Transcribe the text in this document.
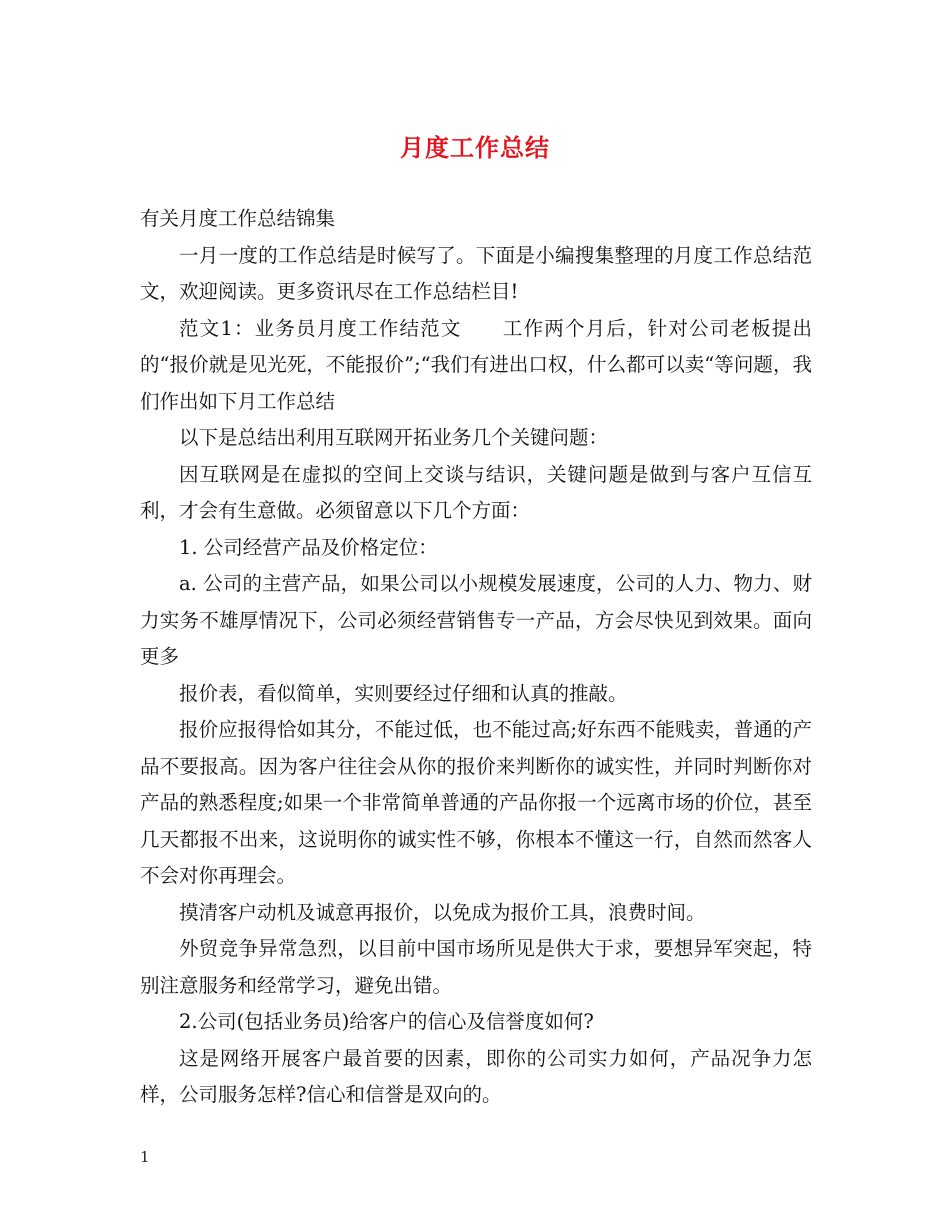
月度工作总结

有关月度工作总结锦集

一月一度的工作总结是时候写了。下面是小编搜集整理的月度工作总结范文，欢迎阅读。更多资讯尽在工作总结栏目!

范文1：业务员月度工作结范文　　工作两个月后，针对公司老板提出的“报价就是见光死，不能报价”;“我们有进出口权，什么都可以卖“等问题，我们作出如下月工作总结

以下是总结出利用互联网开拓业务几个关键问题：

因互联网是在虚拟的空间上交谈与结识，关键问题是做到与客户互信互利，才会有生意做。必须留意以下几个方面：

1. 公司经营产品及价格定位：

a. 公司的主营产品，如果公司以小规模发展速度，公司的人力、物力、财力实务不雄厚情况下，公司必须经营销售专一产品，方会尽快见到效果。面向更多

报价表，看似简单，实则要经过仔细和认真的推敲。

报价应报得恰如其分，不能过低，也不能过高;好东西不能贱卖，普通的产品不要报高。因为客户往往会从你的报价来判断你的诚实性，并同时判断你对产品的熟悉程度;如果一个非常简单普通的产品你报一个远离市场的价位，甚至几天都报不出来，这说明你的诚实性不够，你根本不懂这一行，自然而然客人不会对你再理会。

摸清客户动机及诚意再报价，以免成为报价工具，浪费时间。

外贸竞争异常急烈，以目前中国市场所见是供大于求，要想异军突起，特别注意服务和经常学习，避免出错。

2.公司(包括业务员)给客户的信心及信誉度如何?

这是网络开展客户最首要的因素，即你的公司实力如何，产品况争力怎样，公司服务怎样?信心和信誉是双向的。

1
